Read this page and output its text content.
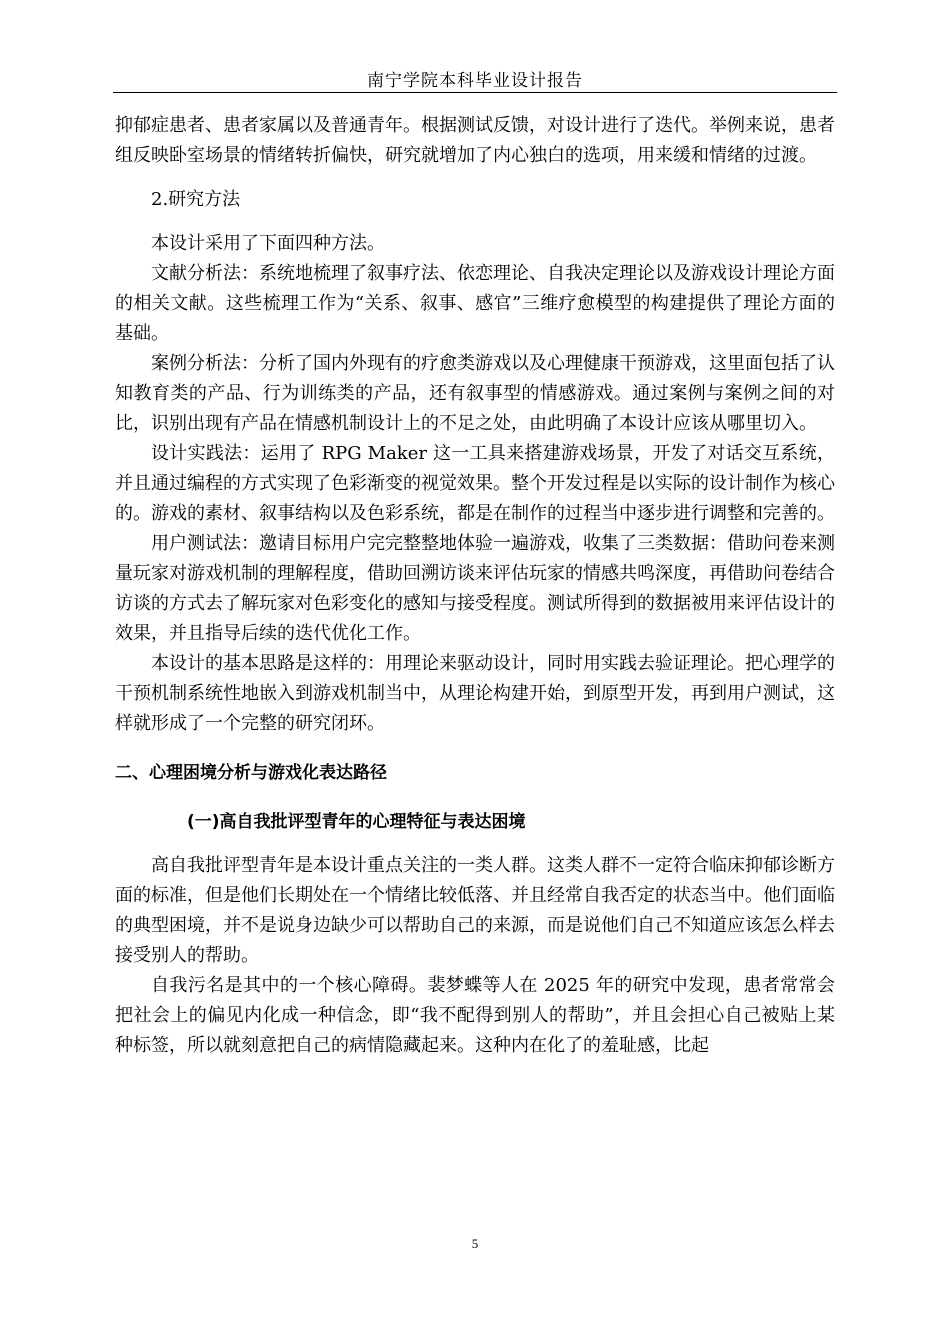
南宁学院本科毕业设计报告

抑郁症患者、患者家属以及普通青年。根据测试反馈，对设计进行了迭代。举例来说，患者组反映卧室场景的情绪转折偏快，研究就增加了内心独白的选项，用来缓和情绪的过渡。

2.研究方法

本设计采用了下面四种方法。

文献分析法：系统地梳理了叙事疗法、依恋理论、自我决定理论以及游戏设计理论方面的相关文献。这些梳理工作为“关系、叙事、感官”三维疗愈模型的构建提供了理论方面的基础。

案例分析法：分析了国内外现有的疗愈类游戏以及心理健康干预游戏，这里面包括了认知教育类的产品、行为训练类的产品，还有叙事型的情感游戏。通过案例与案例之间的对比，识别出现有产品在情感机制设计上的不足之处，由此明确了本设计应该从哪里切入。

设计实践法：运用了 RPG Maker 这一工具来搭建游戏场景，开发了对话交互系统，并且通过编程的方式实现了色彩渐变的视觉效果。整个开发过程是以实际的设计制作为核心的。游戏的素材、叙事结构以及色彩系统，都是在制作的过程当中逐步进行调整和完善的。

用户测试法：邀请目标用户完完整整地体验一遍游戏，收集了三类数据：借助问卷来测量玩家对游戏机制的理解程度，借助回溯访谈来评估玩家的情感共鸣深度，再借助问卷结合访谈的方式去了解玩家对色彩变化的感知与接受程度。测试所得到的数据被用来评估设计的效果，并且指导后续的迭代优化工作。

本设计的基本思路是这样的：用理论来驱动设计，同时用实践去验证理论。把心理学的干预机制系统性地嵌入到游戏机制当中，从理论构建开始，到原型开发，再到用户测试，这样就形成了一个完整的研究闭环。

二、心理困境分析与游戏化表达路径

(一)高自我批评型青年的心理特征与表达困境

高自我批评型青年是本设计重点关注的一类人群。这类人群不一定符合临床抑郁诊断方面的标准，但是他们长期处在一个情绪比较低落、并且经常自我否定的状态当中。他们面临的典型困境，并不是说身边缺少可以帮助自己的来源，而是说他们自己不知道应该怎么样去接受别人的帮助。

自我污名是其中的一个核心障碍。裴梦蝶等人在 2025 年的研究中发现，患者常常会把社会上的偏见内化成一种信念，即“我不配得到别人的帮助”，并且会担心自己被贴上某种标签，所以就刻意把自己的病情隐藏起来。这种内在化了的羞耻感，比起

5
